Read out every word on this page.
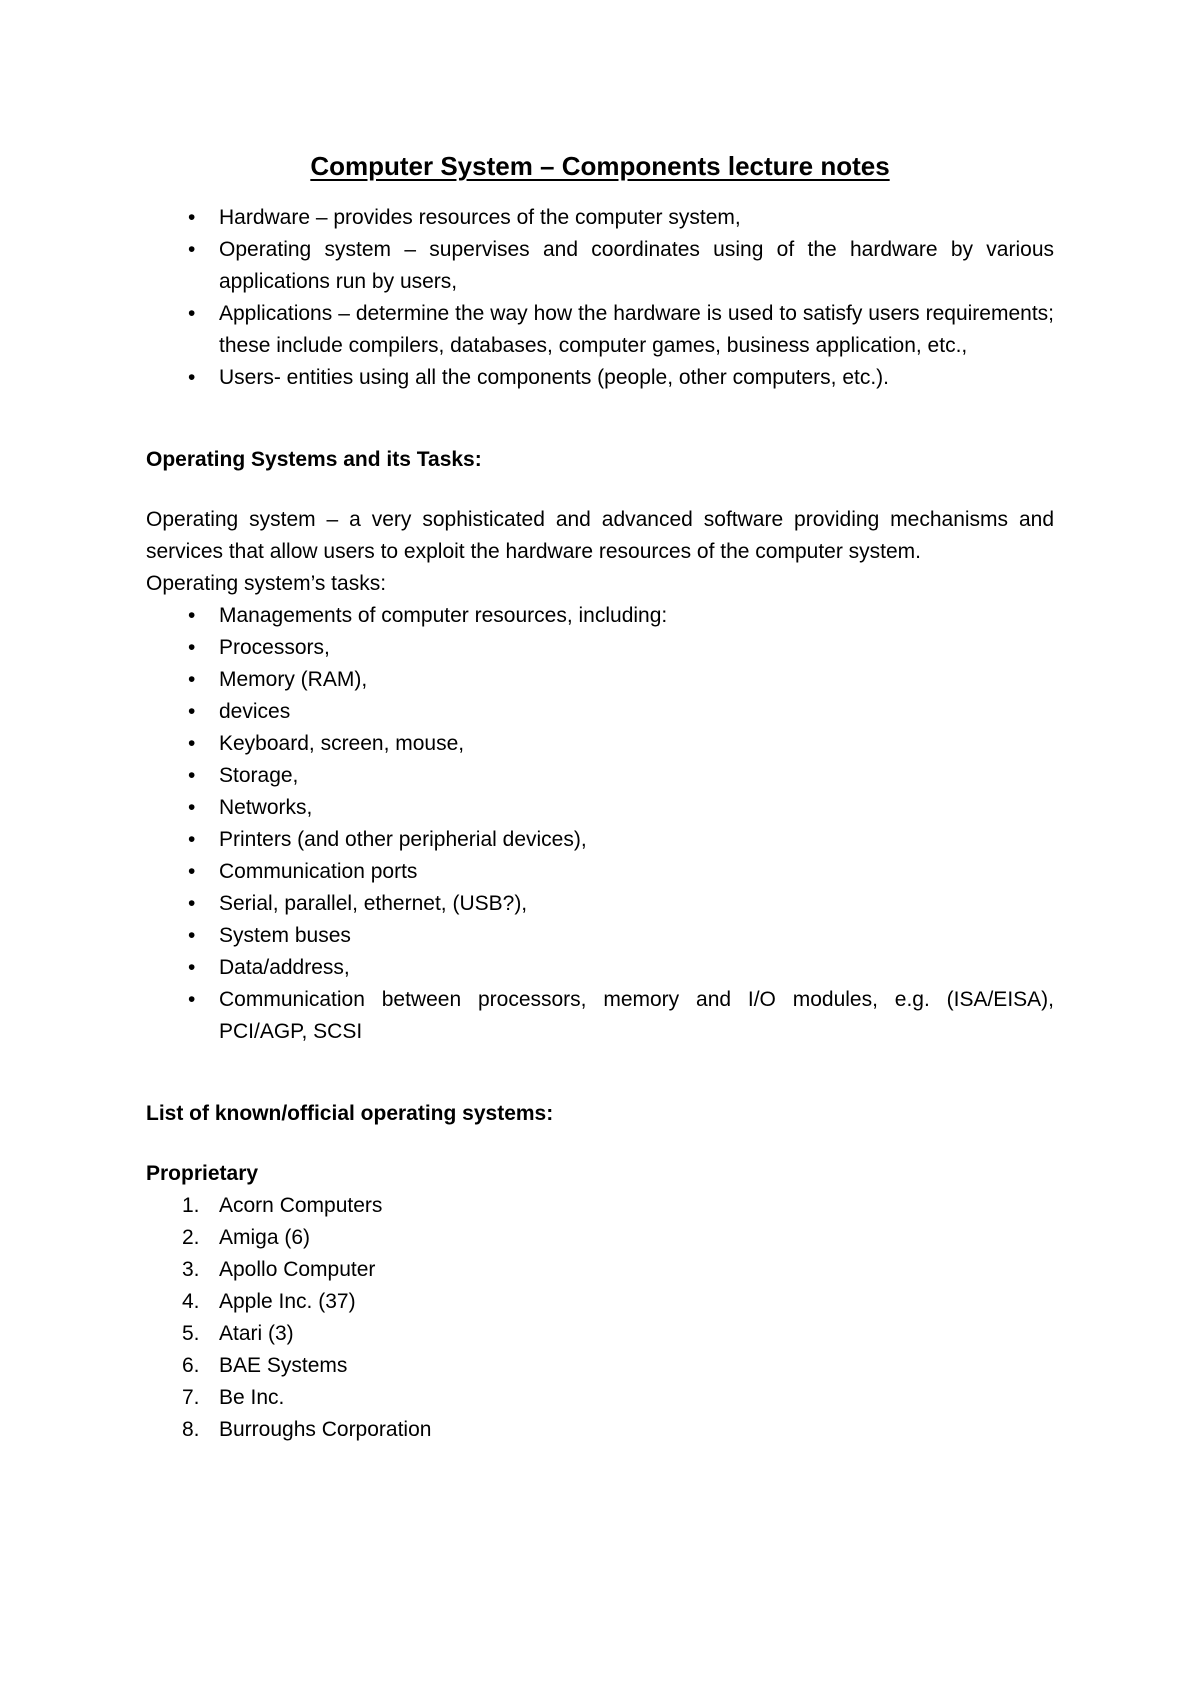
Computer System – Components lecture notes
• Hardware – provides resources of the computer system,
• Operating system – supervises and coordinates using of the hardware by various applications run by users,
• Applications – determine the way how the hardware is used to satisfy users requirements; these include compilers, databases, computer games, business application, etc.,
• Users- entities using all the components (people, other computers, etc.).

Operating Systems and its Tasks:

Operating system – a very sophisticated and advanced software providing mechanisms and services that allow users to exploit the hardware resources of the computer system.

Operating system’s tasks:

• Managements of computer resources, including:
• Processors,
• Memory (RAM),
• devices
• Keyboard, screen, mouse,
• Storage,
• Networks,
• Printers (and other peripherial devices),
• Communication ports
• Serial, parallel, ethernet, (USB?),
• System buses
• Data/address,
• Communication between processors, memory and I/O modules, e.g. (ISA/EISA), PCI/AGP, SCSI

List of known/official operating systems:

Proprietary

1. Acorn Computers
2. Amiga (6)
3. Apollo Computer
4. Apple Inc. (37)
5. Atari (3)
6. BAE Systems
7. Be Inc.
8. Burroughs Corporation
